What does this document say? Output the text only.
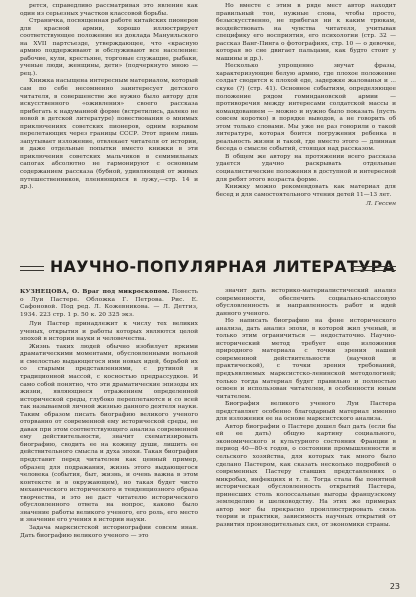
рется, справедливо рассматривая это явление как один из серьезных участков классовой борьбы.

Страничка, посвященная работе китайских пионеров для красной армии, хорошо иллюстрирует соответствующее положение из доклада Мануильского на XVII партсъезде, утверждающее, что «красную армию поддерживают и обслуживают все население: рабочие, кули, крестьяне, торговые служащие, рыбаки, ученые люди, женщины, дети» (подчеркнуто мною — рец.).

Книжка насыщена интересным материалом, который сам по себе несомненно заинтересует детского читателя, в совершенстве же нужно было автору для искусственного «оживления» своего рассказа прибегать к надуманной форме (встретились, далеко не новой в детской литературе) повествования о мнимых приключениях советских пионеров, одним взрывом перелетающих через границы СССР. Этот прием лишь запутывает изложение, отвлекает читателя от истории, и даже отдельные попытки вместо книжки в эти приключения советских мальчиков в семимильных сапогах абсолютно не гармонируют с основным содержанием рассказа (бубной, удивляющей от живых путешественников, пленяющихся в лужу,—стр. 14 и др.).

Но вместе с этим в ряде мест автор находит правильный тон, нужные слова, чтобы просто, безыскусственно, не прибегая ни к каким трюкам, воздействовать на чувства читателя, учитывая специфику его восприятия, его психологии (стр. 32 — рассказ Ванг-Пинга о фотографиях, стр. 10 — о девочке, которая во сне двигает пальцами, как будто стоит у машины и др.).

Несколько упрощенно звучат фразы, характеризующие белую армию, где плохое положение солдат сводится к плохой еде, задержке жалованья и ... скуке (?) (стр. 41). Основное событиям, определяющее положение рядом гоминдановской армии — противоречия между интересами солдатской массы и командованием — можно и нужно было показать (пусть совсем коротко) в порядке выводов, а не говорить об этом только словами. Мы уже не раз говорили о такой литературе, которая боится погружения ребенка в реальность жизни и такой, где вместо этого — длинная беседа о смысле событий, стоящая над рассказом.

В общем же автору на протяжении всего рассказа удается удачно раскрывать отдельные социалистические положения в доступной и интересной для ребят этого возраста форме.

Книжку можно рекомендовать как материал для бесед и для самостоятельного чтения детей 11—13 лет.

Л. Гессен
НАУЧНО-ПОПУЛЯРНАЯ ЛИТЕРАТУРА

КУЗНЕЦОВА, О. Враг под микроскопом. Повесть о Луи Пастере. Обложка Г. Петрова. Рис. Е. Сафоновой. Под ред. Л. Кожевникова. — Л. Детгиз, 1934. 223 стр. 1 р. 50 к. 20 325 экз.

Луи Пастер принадлежит к числу тех великих ученых, открытия и работы которых являются целой эпохой в истории науки и человечества.

Жизнь таких людей обычно изобилует яркими драматическими моментами, обусловленными вольной и смелостью выдающегося ими новых идей, борьбой их со старыми представлениями, с рутиной и традиционной массой, с косностью предрассудков. И само собой понятно, что эти драматические эпизоды их жизни, являющиеся отражением определенной исторической среды, глубоко переплетаются и со всей так называемой личной жизнью данного деятеля науки. Таким образом писать биографию великого ученого оторванно от современной ему исторической среды, не давая при этом соответствующего анализа современной ему действительности, значит схематизировать биографию, сводить ее на кожицу души, лишить ее действительного смысла и духа эпохи. Такая биография представит перед читателем как ценный пример, образец для подражания, жизнь этого выдающегося человека (события, быт, жизнь, и очень важна в этом контексте и в окружающем), но такая будет чисто механического исторического и тенденциозного образа творчества, и это не даст читателю исторического обусловленного ответа на вопрос, каково было значение работы великого ученого, его роль, его место и значение его учения в истории науки.

Задача марксистской историографии совсем иная. Дать биографию великого ученого — это

значит дать историко-материалистический анализ современности, обеспечить социально-классовую обусловленность и направленность работ и идей данного ученого.

Но написать биографию на фоне исторического анализа, дать анализ эпохи, в которой жил ученый, и только этим ограничиться — недостаточно. Научно-исторический метод требует еще изложения природного материала с точки зрения нашей современной действительности (научной и практической), с точки зрения требований, предъявляемых марксистско-ленинской методологией; только тогда материал будет правильно и полностью освоен и использован читателем, в особенности юным читателем.

Биография великого ученого Луи Пастера представляет особенно благодарный материал именно для изложения ее на основе марксистского анализа.

Автор биографии о Пастере дошел был дать (если бы ей ее дать) общую картину социального, экономического и культурного состояния Франции в период 40—80-х годов, о состоянии промышленности и сельского хозяйства, для которых так много было сделано Пастером, как сказать несколько подробней о современных Пастеру ставших представлениях о микробах, инфекциях и т. п. Тогда стала бы понятной историческая обусловленность открытий Пастера, принесших столь колоссальные выгоды французскому земледелию и шелководству. На этих же примерах автор мог бы прекрасно проиллюстрировать связь теории и практики, зависимость научных открытий от развития производительных сил, от экономики страны.

23
